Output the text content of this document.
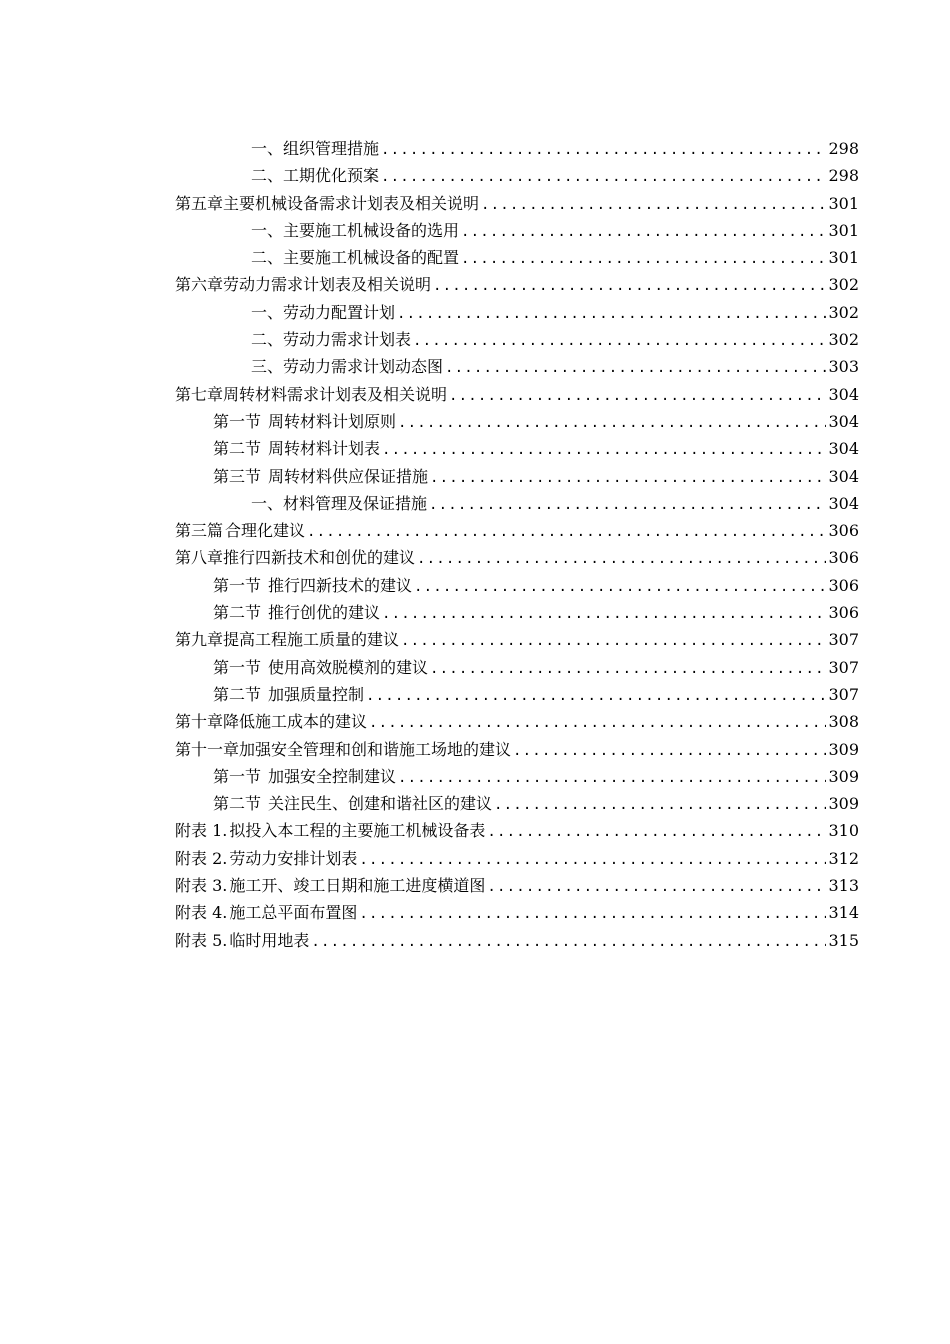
一、 组织管理措施 .....	298
二、 工期优化预案 .....	298
第五章 主要机械设备需求计划表及相关说明 .....	301
一、 主要施工机械设备的选用 .....	301
二、 主要施工机械设备的配置 .....	301
第六章 劳动力需求计划表及相关说明 .....	302
一、 劳动力配置计划 .....	302
二、 劳动力需求计划表 .....	302
三、 劳动力需求计划动态图 .....	303
第七章 周转材料需求计划表及相关说明 .....	304
第一节 周转材料计划原则 .....	304
第二节 周转材料计划表 .....	304
第三节 周转材料供应保证措施 .....	304
一、 材料管理及保证措施 .....	304
第三篇 合理化建议 .....	306
第八章 推行四新技术和创优的建议 .....	306
第一节 推行四新技术的建议 .....	306
第二节 推行创优的建议 .....	306
第九章 提高工程施工质量的建议 .....	307
第一节 使用高效脱模剂的建议 .....	307
第二节 加强质量控制 .....	307
第十章 降低施工成本的建议 .....	308
第十一章 加强安全管理和创和谐施工场地的建议 .....	309
第一节 加强安全控制建议 .....	309
第二节 关注民生、创建和谐社区的建议 .....	309
附表 1. 拟投入本工程的主要施工机械设备表 .....	310
附表 2. 劳动力安排计划表 .....	312
附表 3. 施工开、竣工日期和施工进度横道图 .....	313
附表 4. 施工总平面布置图 .....	314
附表 5. 临时用地表 .....	315
